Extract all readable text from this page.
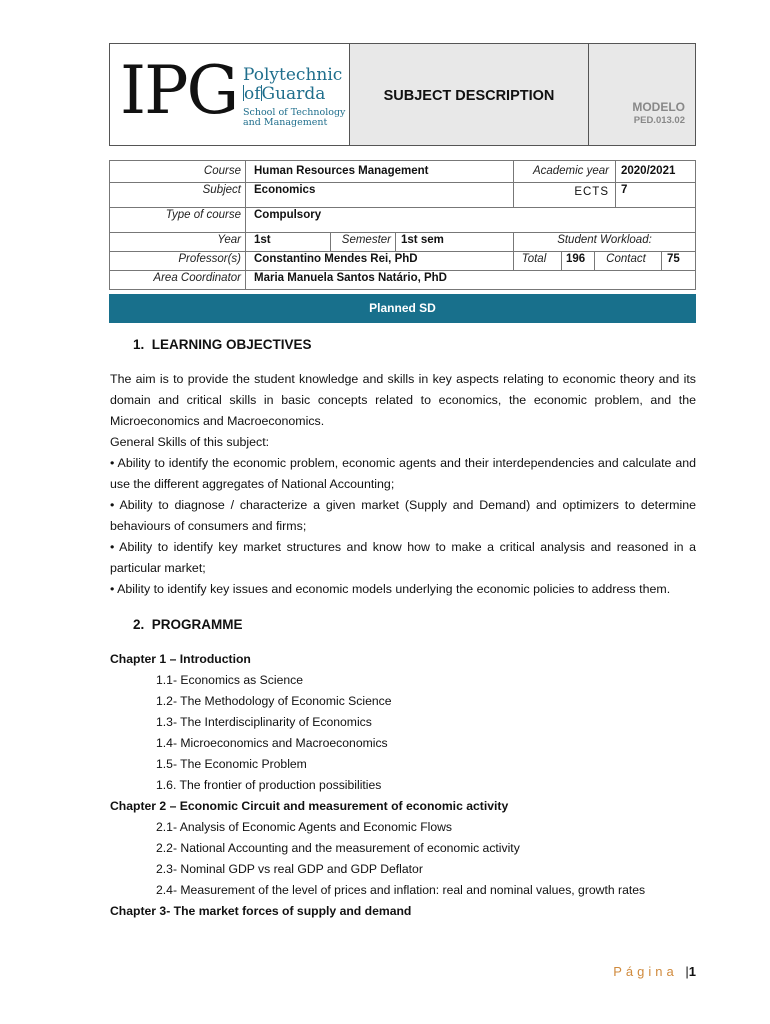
IPG Polytechnic
ofGuarda
School of Technology
and Management
SUBJECT DESCRIPTION
MODELO
PED.013.02
Course Human Resources Management	Academic year 2020/2021
Subject Economics	ECTS 7
Type of course Compulsory
Year 1st	Semester 1st sem	Student Workload:
Professor(s) Constantino Mendes Rei, PhD	Total	196	Contact	75
Area Coordinator Maria Manuela Santos Natário, PhD
Planned SD
1.  LEARNING OBJECTIVES

The aim is to provide the student knowledge and skills in key aspects relating to economic theory and its domain and critical skills in basic concepts related to economics, the economic problem, and the Microeconomics and Macroeconomics.

General Skills of this subject:

• Ability to identify the economic problem, economic agents and their interdependencies and calculate and use the different aggregates of National Accounting;

• Ability to diagnose / characterize a given market (Supply and Demand) and optimizers to determine behaviours of consumers and firms;

• Ability to identify key market structures and know how to make a critical analysis and reasoned in a particular market;

• Ability to identify key issues and economic models underlying the economic policies to address them.

2.  PROGRAMME
Chapter 1 – Introduction
1.1- Economics as Science
1.2- The Methodology of Economic Science
1.3- The Interdisciplinarity of Economics
1.4- Microeconomics and Macroeconomics
1.5- The Economic Problem
1.6. The frontier of production possibilities
Chapter 2 – Economic Circuit and measurement of economic activity
2.1- Analysis of Economic Agents and Economic Flows
2.2- National Accounting and the measurement of economic activity
2.3- Nominal GDP vs real GDP and GDP Deflator
2.4- Measurement of the level of prices and inflation: real and nominal values, growth rates
Chapter 3- The market forces of supply and demand
Página |1
